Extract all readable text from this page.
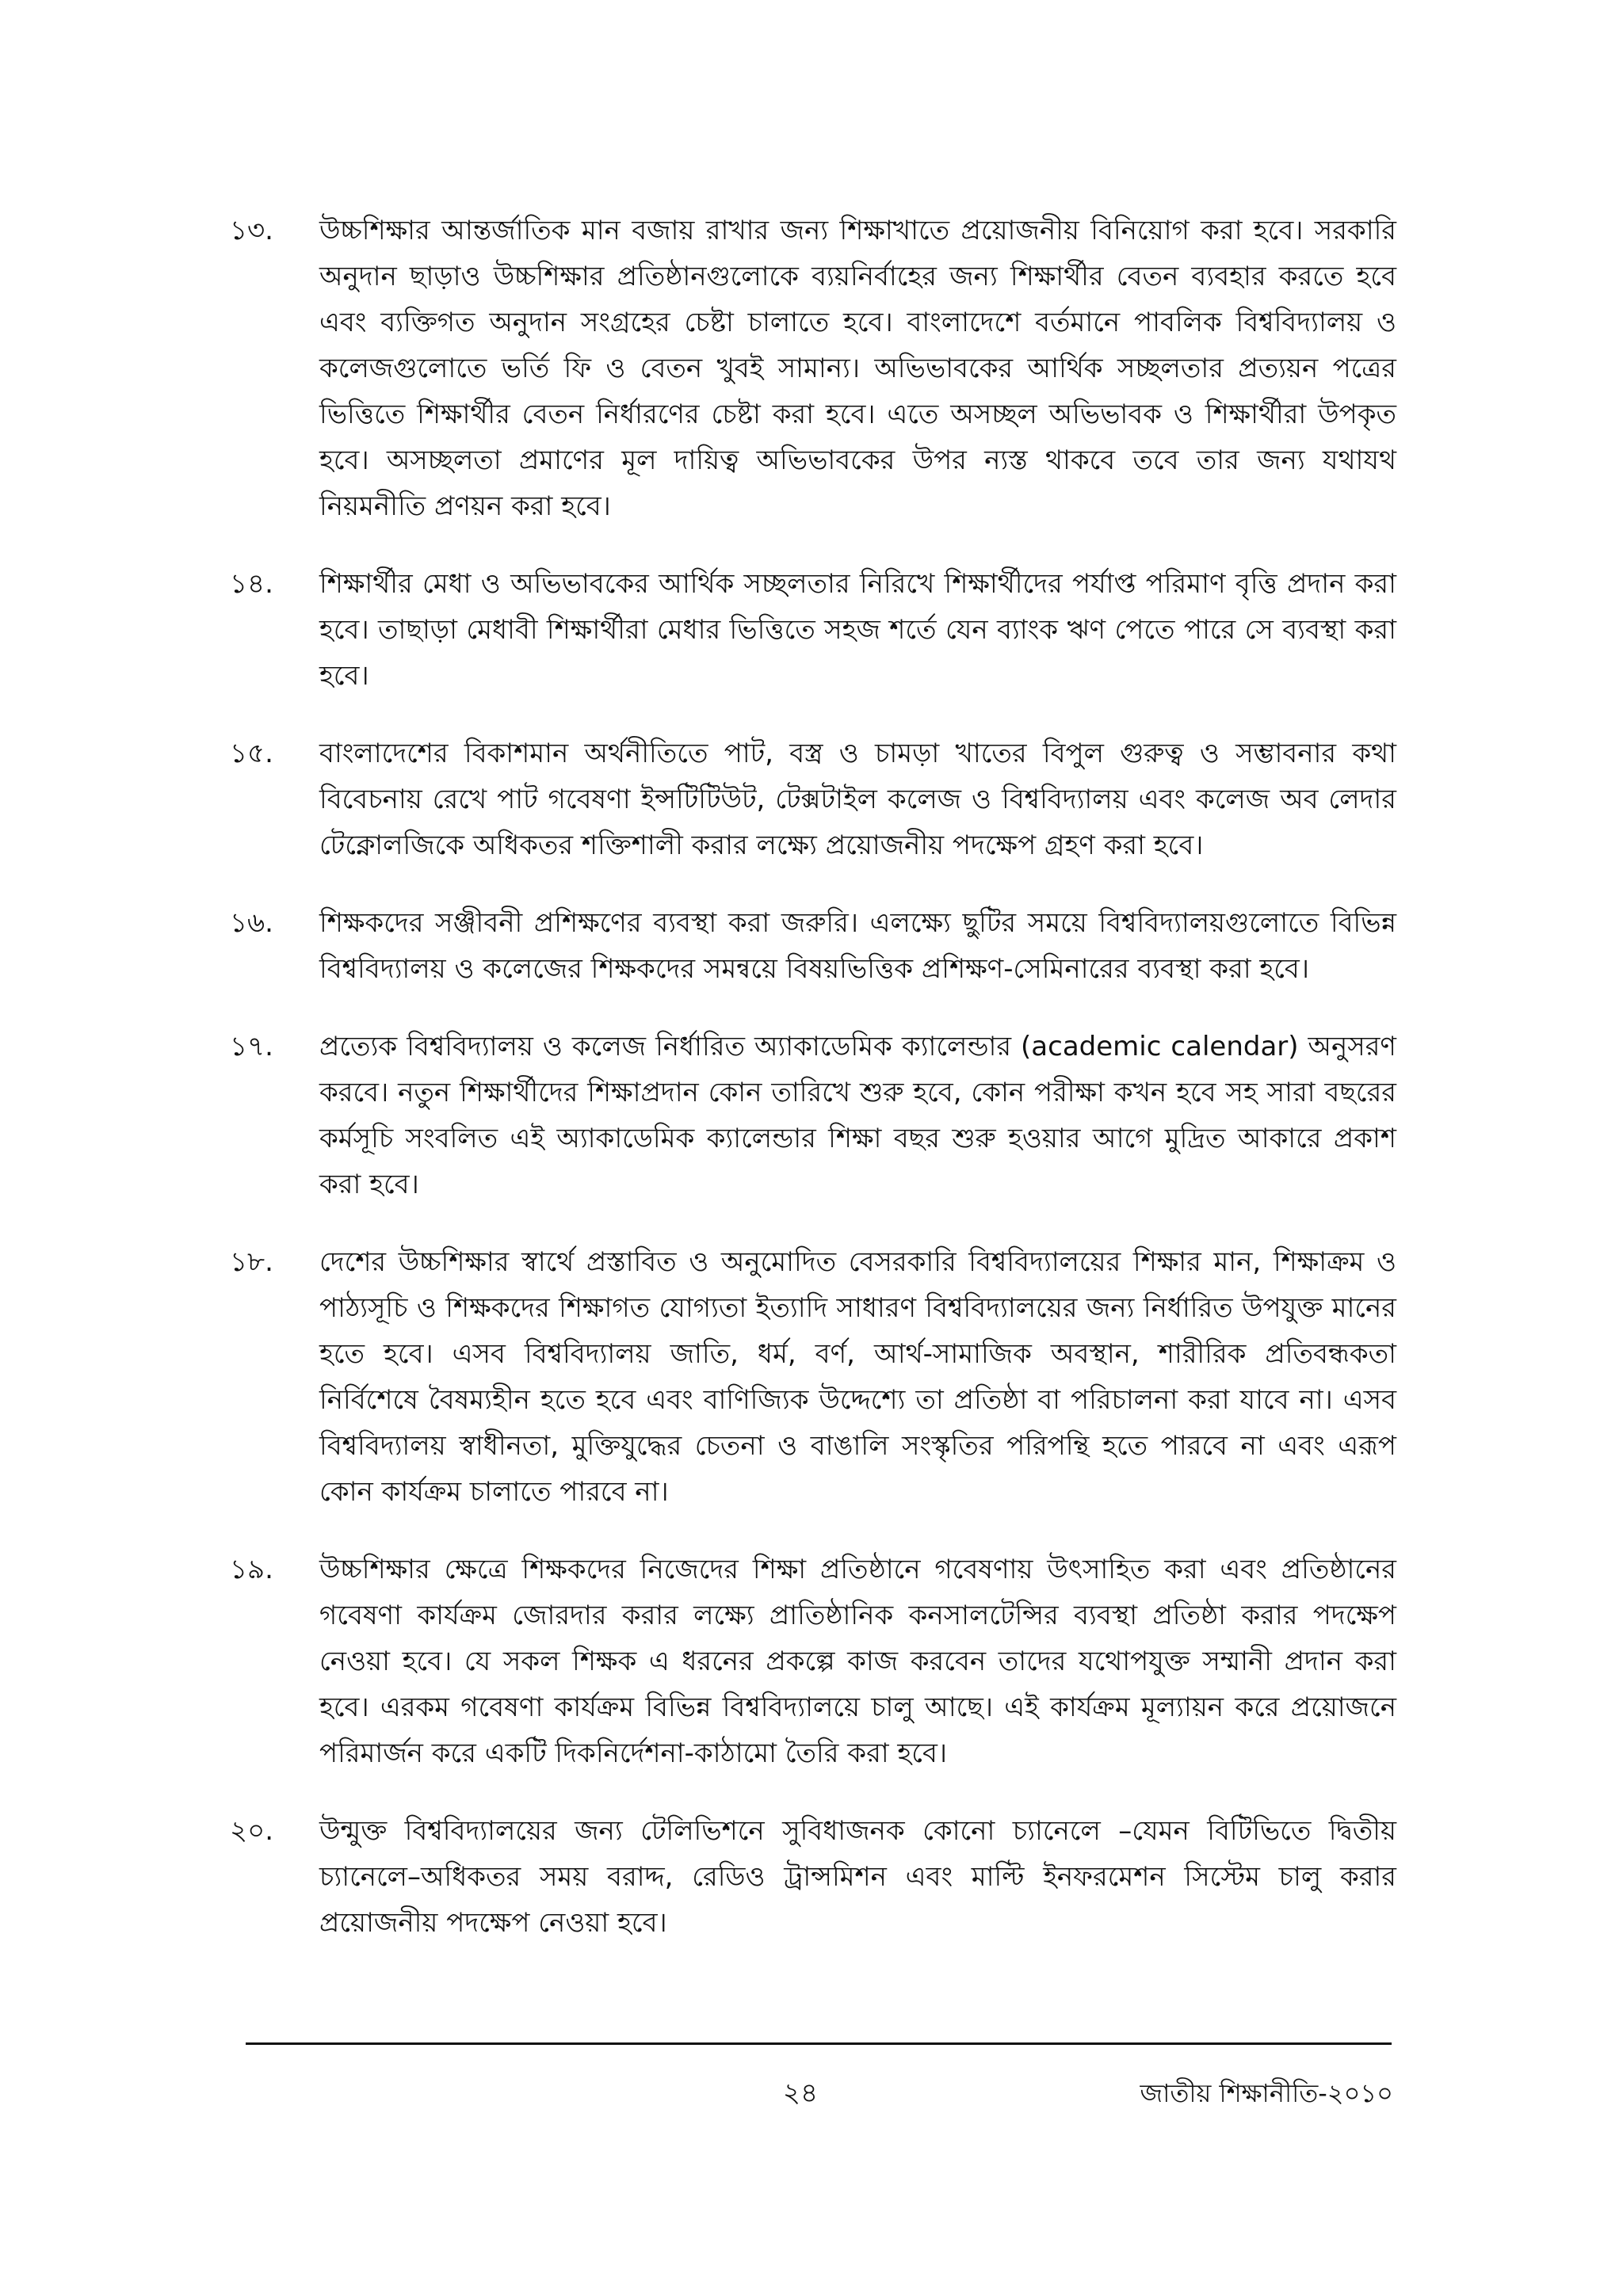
১৩.	উচ্চশিক্ষার আন্তর্জাতিক মান বজায় রাখার জন্য শিক্ষাখাতে প্রয়োজনীয় বিনিয়োগ করা হবে। সরকারি অনুদান ছাড়াও উচ্চশিক্ষার প্রতিষ্ঠানগুলোকে ব্যয়নির্বাহের জন্য শিক্ষার্থীর বেতন ব্যবহার করতে হবে এবং ব্যক্তিগত অনুদান সংগ্রহের চেষ্টা চালাতে হবে। বাংলাদেশে বর্তমানে পাবলিক বিশ্ববিদ্যালয় ও কলেজগুলোতে ভর্তি ফি ও বেতন খুবই সামান্য। অভিভাবকের আর্থিক সচ্ছলতার প্রত্যয়ন পত্রের ভিত্তিতে শিক্ষার্থীর বেতন নির্ধারণের চেষ্টা করা হবে। এতে অসচ্ছল অভিভাবক ও শিক্ষার্থীরা উপকৃত হবে। অসচ্ছলতা প্রমাণের মূল দায়িত্ব অভিভাবকের উপর ন্যস্ত থাকবে তবে তার জন্য যথাযথ নিয়মনীতি প্রণয়ন করা হবে।
১৪.	শিক্ষার্থীর মেধা ও অভিভাবকের আর্থিক সচ্ছলতার নিরিখে শিক্ষার্থীদের পর্যাপ্ত পরিমাণ বৃত্তি প্রদান করা হবে। তাছাড়া মেধাবী শিক্ষার্থীরা মেধার ভিত্তিতে সহজ শর্তে যেন ব্যাংক ঋণ পেতে পারে সে ব্যবস্থা করা হবে।
১৫.	বাংলাদেশের বিকাশমান অর্থনীতিতে পাট, বস্ত্র ও চামড়া খাতের বিপুল গুরুত্ব ও সম্ভাবনার কথা বিবেচনায় রেখে পাট গবেষণা ইন্সটিটিউট, টেক্সটাইল কলেজ ও বিশ্ববিদ্যালয় এবং কলেজ অব লেদার টেক্নোলজিকে অধিকতর শক্তিশালী করার লক্ষ্যে প্রয়োজনীয় পদক্ষেপ গ্রহণ করা হবে।
১৬.	শিক্ষকদের সঞ্জীবনী প্রশিক্ষণের ব্যবস্থা করা জরুরি। এলক্ষ্যে ছুটির সময়ে বিশ্ববিদ্যালয়গুলোতে বিভিন্ন বিশ্ববিদ্যালয় ও কলেজের শিক্ষকদের সমন্বয়ে বিষয়ভিত্তিক প্রশিক্ষণ-সেমিনারের ব্যবস্থা করা হবে।
১৭.	প্রত্যেক বিশ্ববিদ্যালয় ও কলেজ নির্ধারিত অ্যাকাডেমিক ক্যালেন্ডার (academic calendar) অনুসরণ করবে। নতুন শিক্ষার্থীদের শিক্ষাপ্রদান কোন তারিখে শুরু হবে, কোন পরীক্ষা কখন হবে সহ সারা বছরের কর্মসূচি সংবলিত এই অ্যাকাডেমিক ক্যালেন্ডার শিক্ষা বছর শুরু হওয়ার আগে মুদ্রিত আকারে প্রকাশ করা হবে।
১৮.	দেশের উচ্চশিক্ষার স্বার্থে প্রস্তাবিত ও অনুমোদিত বেসরকারি বিশ্ববিদ্যালয়ের শিক্ষার মান, শিক্ষাক্রম ও পাঠ্যসূচি ও শিক্ষকদের শিক্ষাগত যোগ্যতা ইত্যাদি সাধারণ বিশ্ববিদ্যালয়ের জন্য নির্ধারিত উপযুক্ত মানের হতে হবে। এসব বিশ্ববিদ্যালয় জাতি, ধর্ম, বর্ণ, আর্থ-সামাজিক অবস্থান, শারীরিক প্রতিবন্ধকতা নির্বিশেষে বৈষম্যহীন হতে হবে এবং বাণিজ্যিক উদ্দেশ্যে তা প্রতিষ্ঠা বা পরিচালনা করা যাবে না। এসব বিশ্ববিদ্যালয় স্বাধীনতা, মুক্তিযুদ্ধের চেতনা ও বাঙালি সংস্কৃতির পরিপন্থি হতে পারবে না এবং এরূপ কোন কার্যক্রম চালাতে পারবে না।
১৯.	উচ্চশিক্ষার ক্ষেত্রে শিক্ষকদের নিজেদের শিক্ষা প্রতিষ্ঠানে গবেষণায় উৎসাহিত করা এবং প্রতিষ্ঠানের গবেষণা কার্যক্রম জোরদার করার লক্ষ্যে প্রাতিষ্ঠানিক কনসালটেন্সির ব্যবস্থা প্রতিষ্ঠা করার পদক্ষেপ নেওয়া হবে। যে সকল শিক্ষক এ ধরনের প্রকল্পে কাজ করবেন তাদের যথোপযুক্ত সম্মানী প্রদান করা হবে। এরকম গবেষণা কার্যক্রম বিভিন্ন বিশ্ববিদ্যালয়ে চালু আছে। এই কার্যক্রম মূল্যায়ন করে প্রয়োজনে পরিমার্জন করে একটি দিকনির্দেশনা-কাঠামো তৈরি করা হবে।
২০.	উন্মুক্ত বিশ্ববিদ্যালয়ের জন্য টেলিভিশনে সুবিধাজনক কোনো চ্যানেলে –যেমন বিটিভিতে দ্বিতীয় চ্যানেলে–অধিকতর সময় বরাদ্দ, রেডিও ট্রান্সমিশন এবং মাল্টি ইনফরমেশন সিস্টেম চালু করার প্রয়োজনীয় পদক্ষেপ নেওয়া হবে।
২৪	জাতীয় শিক্ষানীতি-২০১০
